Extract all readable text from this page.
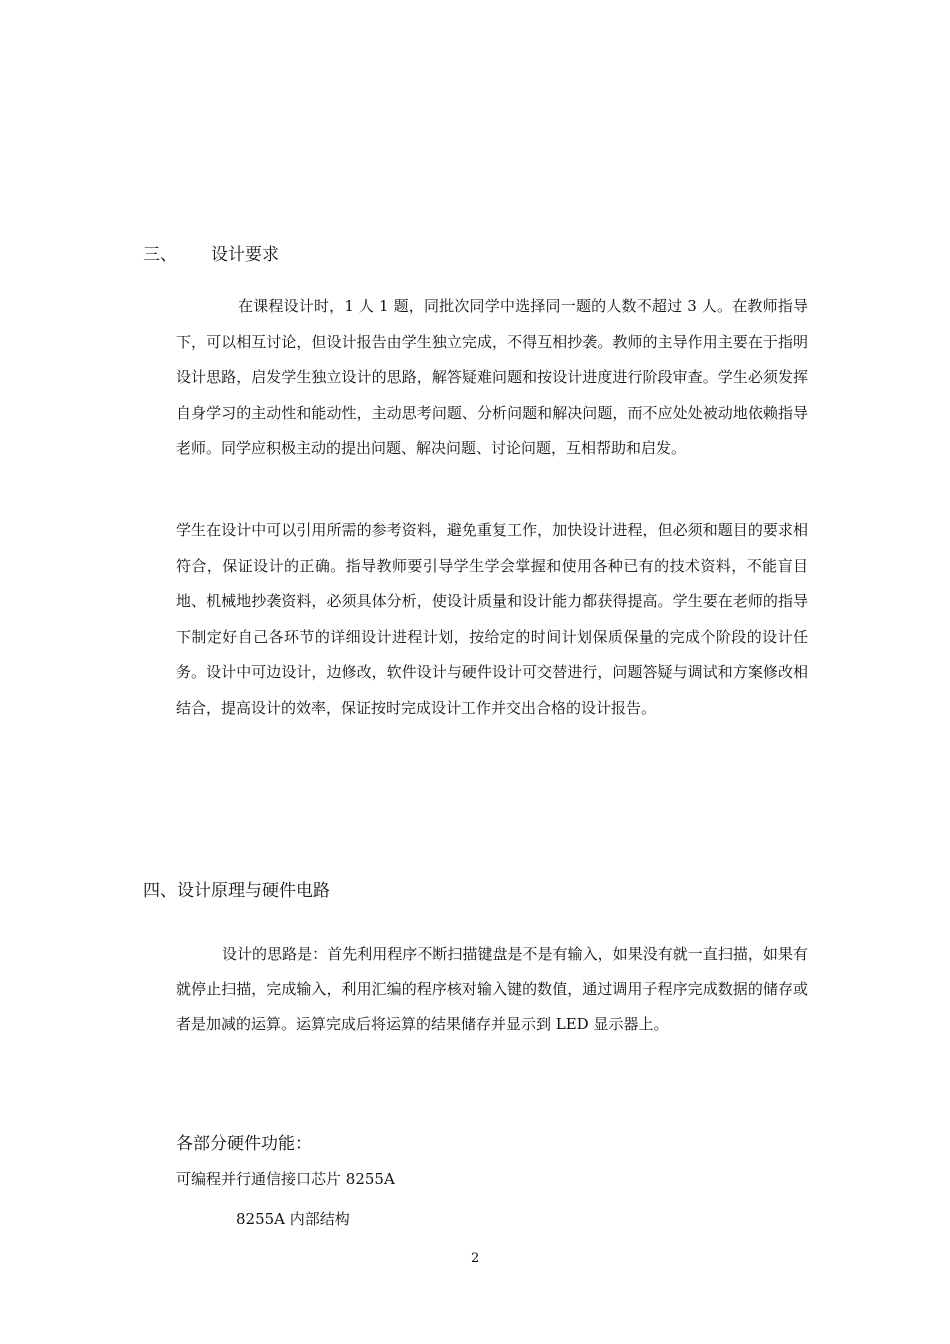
三、 设计要求
在课程设计时，1 人 1 题，同批次同学中选择同一题的人数不超过 3 人。在教师指导下，可以相互讨论，但设计报告由学生独立完成，不得互相抄袭。教师的主导作用主要在于指明设计思路，启发学生独立设计的思路，解答疑难问题和按设计进度进行阶段审查。学生必须发挥自身学习的主动性和能动性，主动思考问题、分析问题和解决问题，而不应处处被动地依赖指导老师。同学应积极主动的提出问题、解决问题、讨论问题，互相帮助和启发。
学生在设计中可以引用所需的参考资料，避免重复工作，加快设计进程，但必须和题目的要求相符合，保证设计的正确。指导教师要引导学生学会掌握和使用各种已有的技术资料，不能盲目地、机械地抄袭资料，必须具体分析，使设计质量和设计能力都获得提高。学生要在老师的指导下制定好自己各环节的详细设计进程计划，按给定的时间计划保质保量的完成个阶段的设计任务。设计中可边设计，边修改，软件设计与硬件设计可交替进行，问题答疑与调试和方案修改相结合，提高设计的效率，保证按时完成设计工作并交出合格的设计报告。
四、设计原理与硬件电路
设计的思路是：首先利用程序不断扫描键盘是不是有输入，如果没有就一直扫描，如果有就停止扫描，完成输入，利用汇编的程序核对输入键的数值，通过调用子程序完成数据的储存或者是加减的运算。运算完成后将运算的结果储存并显示到 LED 显示器上。
各部分硬件功能：
可编程并行通信接口芯片 8255A
8255A 内部结构
2
